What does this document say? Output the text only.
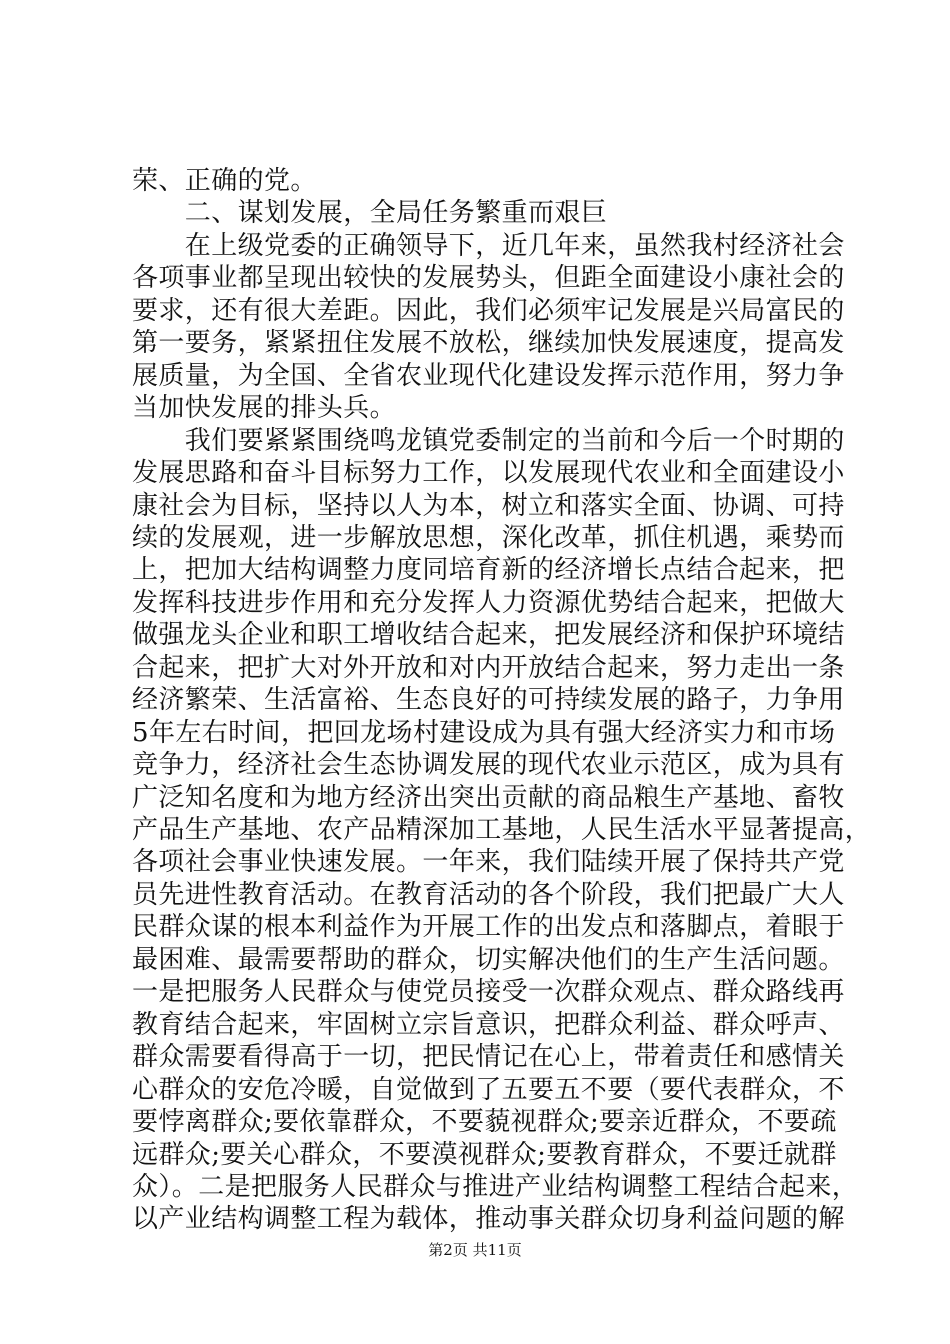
荣、正确的党。
　　二、谋划发展，全局任务繁重而艰巨
　　在上级党委的正确领导下，近几年来，虽然我村经济社会
各项事业都呈现出较快的发展势头，但距全面建设小康社会的
要求，还有很大差距。因此，我们必须牢记发展是兴局富民的
第一要务，紧紧扭住发展不放松，继续加快发展速度，提高发
展质量，为全国、全省农业现代化建设发挥示范作用，努力争
当加快发展的排头兵。
　　我们要紧紧围绕鸣龙镇党委制定的当前和今后一个时期的
发展思路和奋斗目标努力工作，以发展现代农业和全面建设小
康社会为目标，坚持以人为本，树立和落实全面、协调、可持
续的发展观，进一步解放思想，深化改革，抓住机遇，乘势而
上，把加大结构调整力度同培育新的经济增长点结合起来，把
发挥科技进步作用和充分发挥人力资源优势结合起来，把做大
做强龙头企业和职工增收结合起来，把发展经济和保护环境结
合起来，把扩大对外开放和对内开放结合起来，努力走出一条
经济繁荣、生活富裕、生态良好的可持续发展的路子，力争用
5年左右时间，把回龙场村建设成为具有强大经济实力和市场
竞争力，经济社会生态协调发展的现代农业示范区，成为具有
广泛知名度和为地方经济出突出贡献的商品粮生产基地、畜牧
产品生产基地、农产品精深加工基地，人民生活水平显著提高，
各项社会事业快速发展。一年来，我们陆续开展了保持共产党
员先进性教育活动。在教育活动的各个阶段，我们把最广大人
民群众谋的根本利益作为开展工作的出发点和落脚点，着眼于
最困难、最需要帮助的群众，切实解决他们的生产生活问题。
一是把服务人民群众与使党员接受一次群众观点、群众路线再
教育结合起来，牢固树立宗旨意识，把群众利益、群众呼声、
群众需要看得高于一切，把民情记在心上，带着责任和感情关
心群众的安危冷暖，自觉做到了五要五不要（要代表群众，不
要悖离群众;要依靠群众，不要藐视群众;要亲近群众，不要疏
远群众;要关心群众，不要漠视群众;要教育群众，不要迁就群
众）。二是把服务人民群众与推进产业结构调整工程结合起来，
以产业结构调整工程为载体，推动事关群众切身利益问题的解
第2页 共11页
